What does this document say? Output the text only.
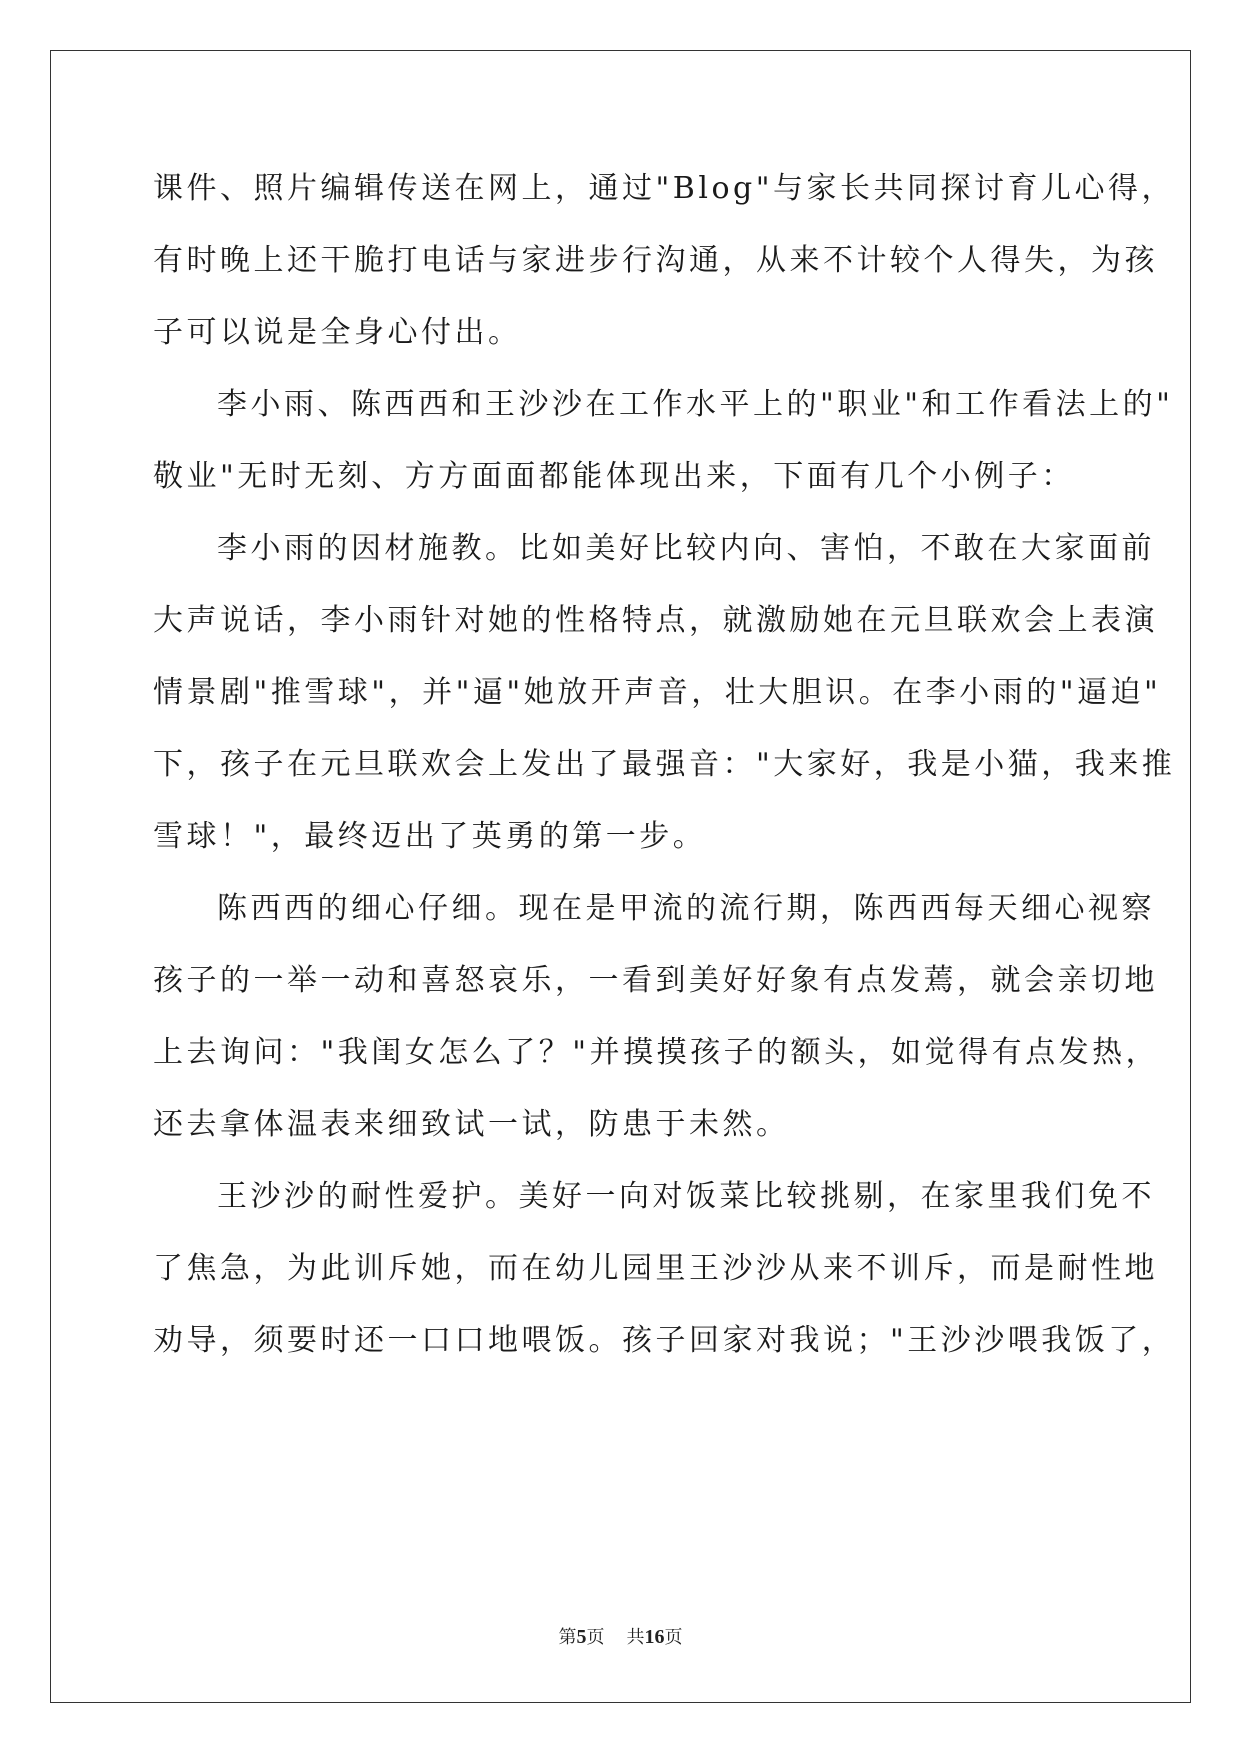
课件、照片编辑传送在网上，通过"Blog"与家长共同探讨育儿心得，
有时晚上还干脆打电话与家进步行沟通，从来不计较个人得失，为孩
子可以说是全身心付出。
李小雨、陈西西和王沙沙在工作水平上的"职业"和工作看法上的"
敬业"无时无刻、方方面面都能体现出来，下面有几个小例子：
李小雨的因材施教。比如美好比较内向、害怕，不敢在大家面前
大声说话，李小雨针对她的性格特点，就激励她在元旦联欢会上表演
情景剧"推雪球"，并"逼"她放开声音，壮大胆识。在李小雨的"逼迫"
下，孩子在元旦联欢会上发出了最强音："大家好，我是小猫，我来推
雪球！"，最终迈出了英勇的第一步。
陈西西的细心仔细。现在是甲流的流行期，陈西西每天细心视察
孩子的一举一动和喜怒哀乐，一看到美好好象有点发蔫，就会亲切地
上去询问："我闺女怎么了？"并摸摸孩子的额头，如觉得有点发热，
还去拿体温表来细致试一试，防患于未然。
王沙沙的耐性爱护。美好一向对饭菜比较挑剔，在家里我们免不
了焦急，为此训斥她，而在幼儿园里王沙沙从来不训斥，而是耐性地
劝导，须要时还一口口地喂饭。孩子回家对我说；"王沙沙喂我饭了，
第5页 共16页
